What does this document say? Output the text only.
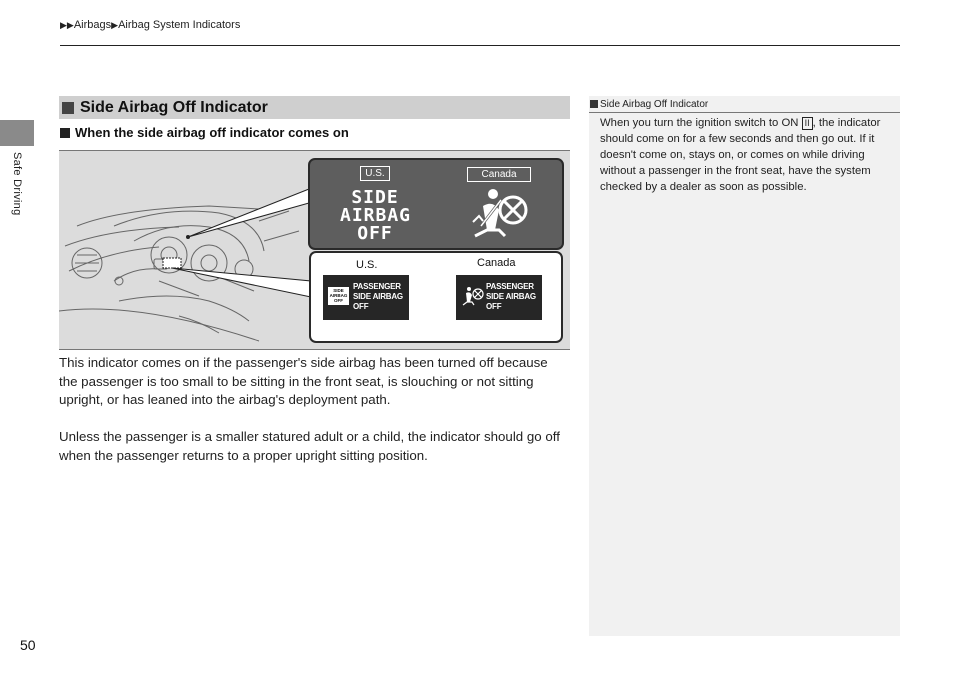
▶▶Airbags▶Airbag System Indicators
Safe Driving
50
Side Airbag Off Indicator
When the side airbag off indicator comes on
U.S.	Canada
SIDE
AIRBAG
OFF
U.S.	Canada
SIDE
AIRBAG
OFF
PASSENGER
SIDE AIRBAG
OFF
PASSENGER
SIDE AIRBAG
OFF
This indicator comes on if the passenger's side airbag has been turned off because the passenger is too small to be sitting in the front seat, is slouching or not sitting upright, or has leaned into the airbag's deployment path.
Unless the passenger is a smaller statured adult or a child, the indicator should go off when the passenger returns to a proper upright sitting position.
Side Airbag Off Indicator
When you turn the ignition switch to ON II , the indicator should come on for a few seconds and then go out. If it doesn't come on, stays on, or comes on while driving without a passenger in the front seat, have the system checked by a dealer as soon as possible.
